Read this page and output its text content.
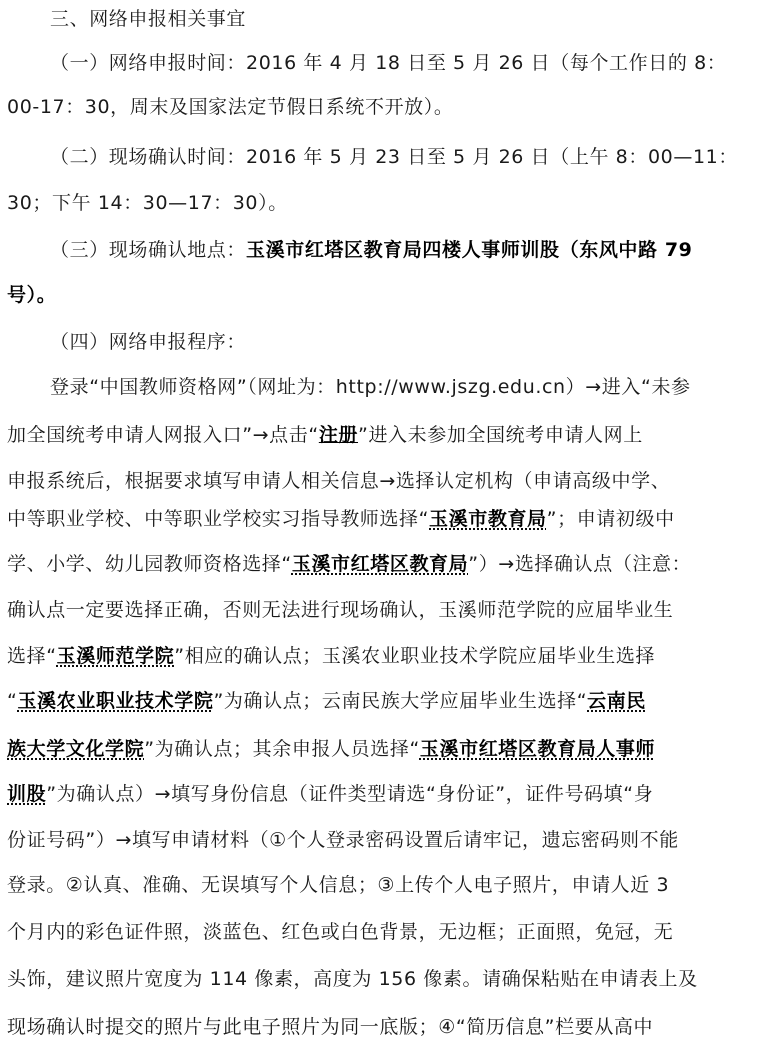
三、网络申报相关事宜
（一）网络申报时间：2016 年 4 月 18 日至 5 月 26 日（每个工作日的 8：
00-17：30，周末及国家法定节假日系统不开放）。
（二）现场确认时间：2016 年 5 月 23 日至 5 月 26 日（上午 8：00—11：
30；下午 14：30—17：30）。
（三）现场确认地点：玉溪市红塔区教育局四楼人事师训股（东风中路 79
号）。
（四）网络申报程序：
登录“中国教师资格网”（网址为：http://www.jszg.edu.cn）→进入“未参
加全国统考申请人网报入口”→点击“注册”进入未参加全国统考申请人网上
申报系统后，根据要求填写申请人相关信息→选择认定机构（申请高级中学、
中等职业学校、中等职业学校实习指导教师选择“玉溪市教育局”；申请初级中
学、小学、幼儿园教师资格选择“玉溪市红塔区教育局”）→选择确认点（注意：
确认点一定要选择正确，否则无法进行现场确认，玉溪师范学院的应届毕业生
选择“玉溪师范学院”相应的确认点；玉溪农业职业技术学院应届毕业生选择
“玉溪农业职业技术学院”为确认点；云南民族大学应届毕业生选择“云南民
族大学文化学院”为确认点；其余申报人员选择“玉溪市红塔区教育局人事师
训股”为确认点）→填写身份信息（证件类型请选“身份证”，证件号码填“身
份证号码”）→填写申请材料（①个人登录密码设置后请牢记，遗忘密码则不能
登录。②认真、准确、无误填写个人信息；③上传个人电子照片，申请人近 3
个月内的彩色证件照，淡蓝色、红色或白色背景，无边框；正面照，免冠，无
头饰，建议照片宽度为 114 像素，高度为 156 像素。请确保粘贴在申请表上及
现场确认时提交的照片与此电子照片为同一底版；④“简历信息”栏要从高中
